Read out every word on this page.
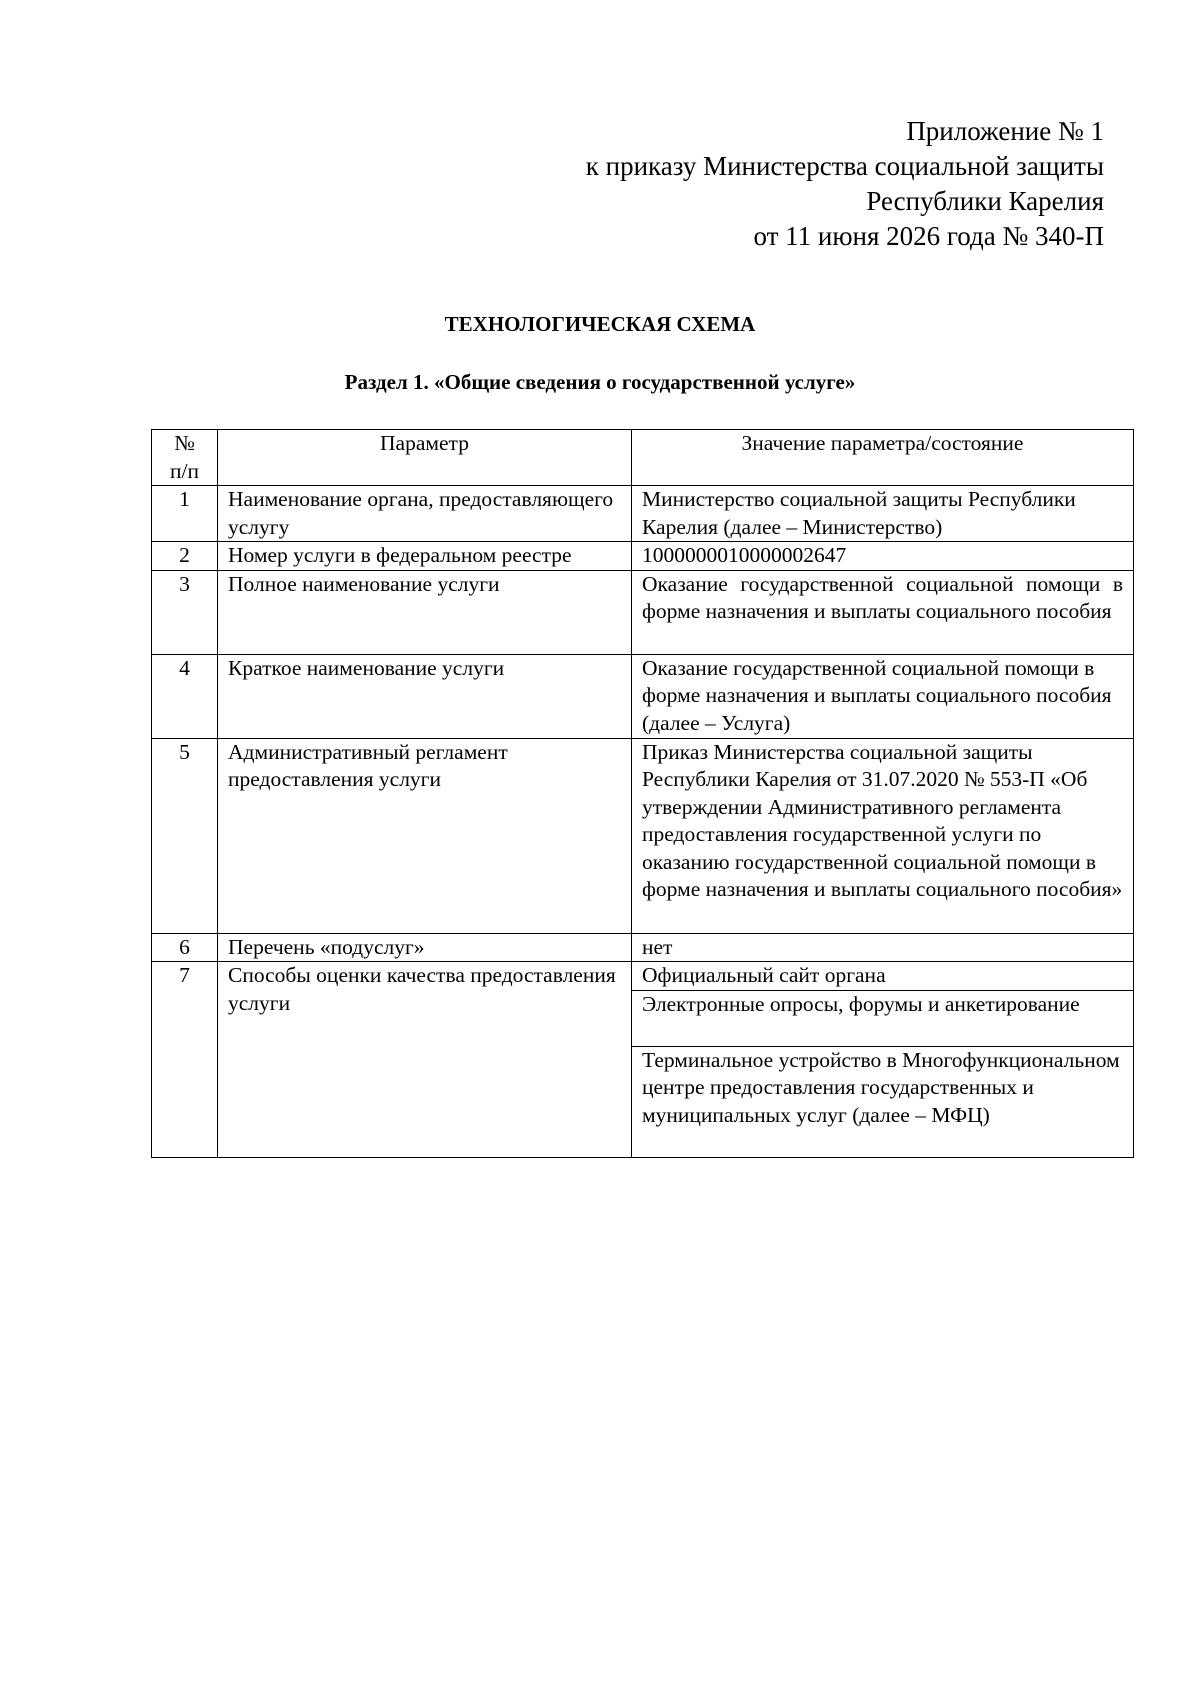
Приложение № 1
к приказу Министерства социальной защиты
Республики Карелия
от 11 июня 2026 года № 340-П
ТЕХНОЛОГИЧЕСКАЯ СХЕМА
Раздел 1. «Общие сведения о государственной услуге»
№ п/п	Параметр	Значение параметра/состояние
1	Наименование органа, предоставляющего услугу	Министерство социальной защиты Республики Карелия (далее – Министерство)
2	Номер услуги в федеральном реестре	1000000010000002647
3	Полное наименование услуги	Оказание государственной социальной помощи в форме назначения и выплаты социального пособия
4	Краткое наименование услуги	Оказание государственной социальной помощи в форме назначения и выплаты социального пособия (далее – Услуга)
5	Административный регламент предоставления услуги	Приказ Министерства социальной защиты Республики Карелия от 31.07.2020 № 553-П «Об утверждении Административного регламента предоставления государственной услуги по оказанию государственной социальной помощи в форме назначения и выплаты социального пособия»
6	Перечень «подуслуг»	нет
7	Способы оценки качества предоставления услуги	Официальный сайт органа
		Электронные опросы, форумы и анкетирование
		Терминальное устройство в Многофункциональном центре предоставления государственных и муниципальных услуг (далее – МФЦ)
